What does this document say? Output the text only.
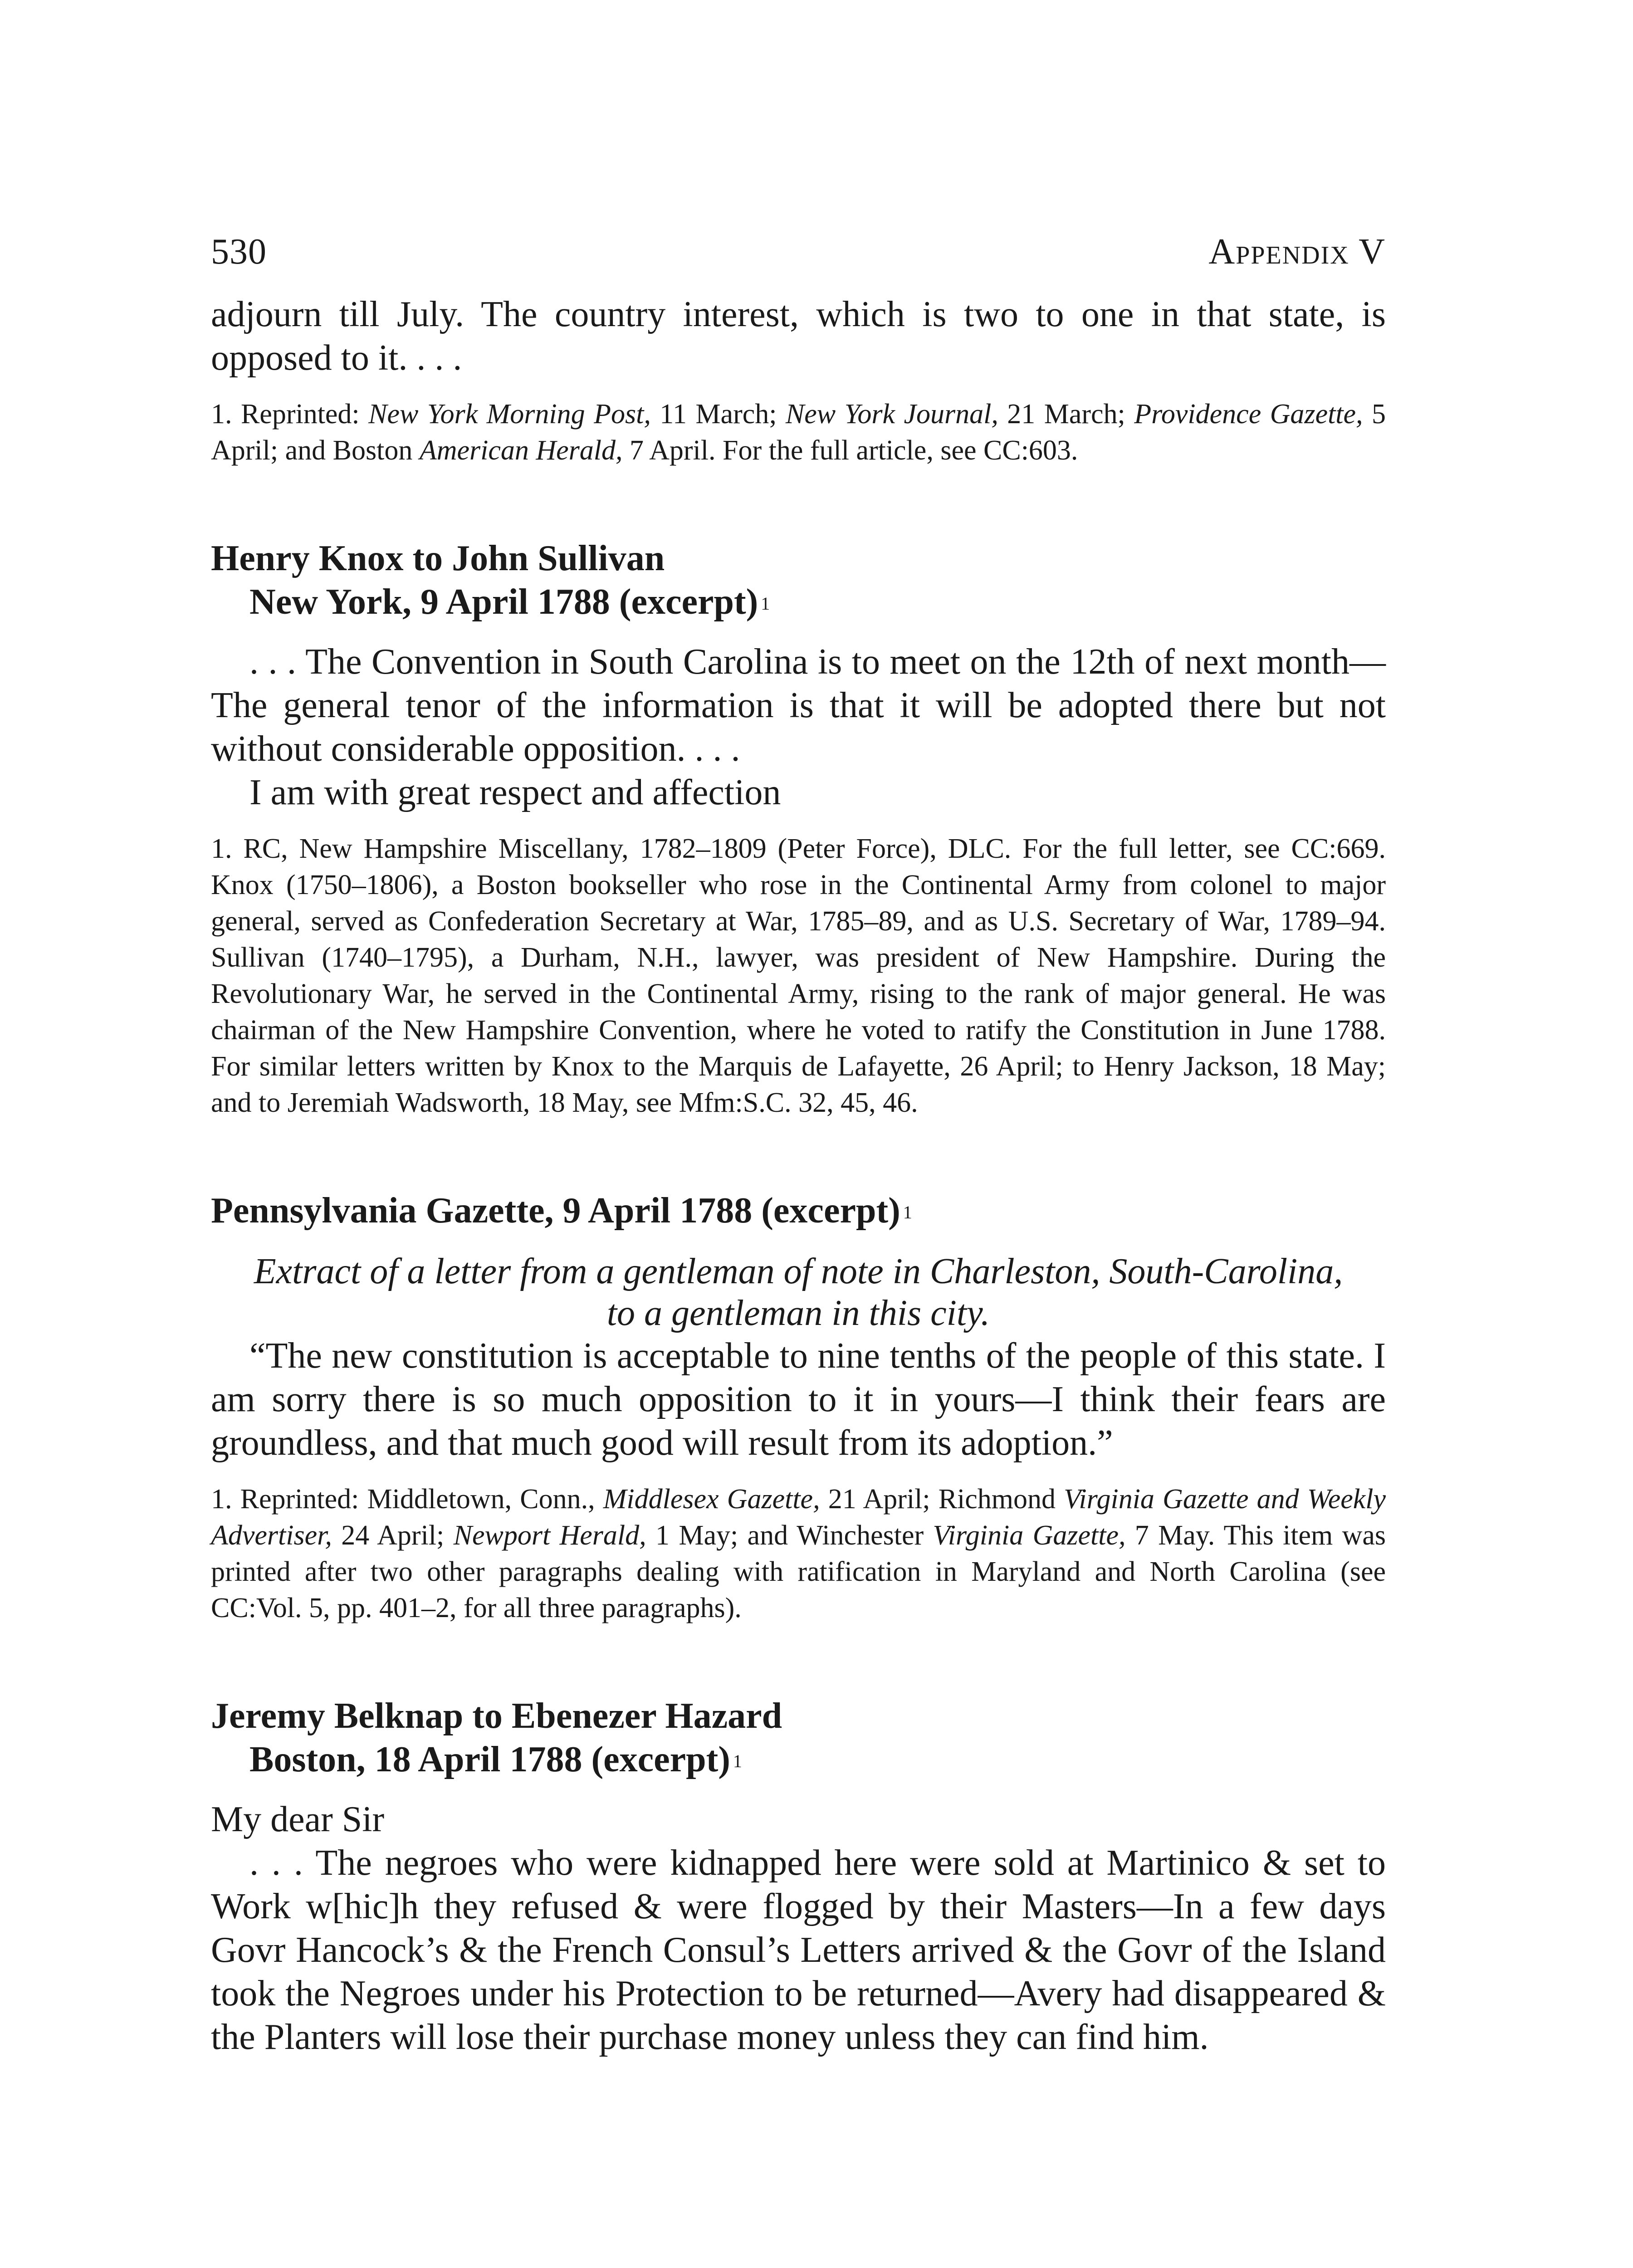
530	Appendix V

adjourn till July. The country interest, which is two to one in that state, is opposed to it. . . .

1. Reprinted: New York Morning Post, 11 March; New York Journal, 21 March; Providence Gazette, 5 April; and Boston American Herald, 7 April. For the full article, see CC:603.

Henry Knox to John Sullivan
New York, 9 April 1788 (excerpt) $^1$

. . . The Convention in South Carolina is to meet on the 12th of next month—The general tenor of the information is that it will be adopted there but not without considerable opposition. . . .

I am with great respect and affection

1. RC, New Hampshire Miscellany, 1782–1809 (Peter Force), DLC. For the full letter, see CC:669. Knox (1750–1806), a Boston bookseller who rose in the Continental Army from colonel to major general, served as Confederation Secretary at War, 1785–89, and as U.S. Secretary of War, 1789–94. Sullivan (1740–1795), a Durham, N.H., lawyer, was president of New Hampshire. During the Revolutionary War, he served in the Continental Army, rising to the rank of major general. He was chairman of the New Hampshire Convention, where he voted to ratify the Constitution in June 1788. For similar letters written by Knox to the Marquis de Lafayette, 26 April; to Henry Jackson, 18 May; and to Jeremiah Wadsworth, 18 May, see Mfm:S.C. 32, 45, 46.

Pennsylvania Gazette, 9 April 1788 (excerpt) $^1$

Extract of a letter from a gentleman of note in Charleston, South-Carolina,
to a gentleman in this city.

“The new constitution is acceptable to nine tenths of the people of this state. I am sorry there is so much opposition to it in yours—I think their fears are groundless, and that much good will result from its adoption.”

1. Reprinted: Middletown, Conn., Middlesex Gazette, 21 April; Richmond Virginia Gazette and Weekly Advertiser, 24 April; Newport Herald, 1 May; and Winchester Virginia Gazette, 7 May. This item was printed after two other paragraphs dealing with ratification in Maryland and North Carolina (see CC:Vol. 5, pp. 401–2, for all three paragraphs).

Jeremy Belknap to Ebenezer Hazard
Boston, 18 April 1788 (excerpt) $^1$

My dear Sir

. . . The negroes who were kidnapped here were sold at Martinico & set to Work w[hic]h they refused & were flogged by their Masters—In a few days Govr Hancock’s & the French Consul’s Letters arrived & the Govr of the Island took the Negroes under his Protection to be returned—Avery had disappeared & the Planters will lose their purchase money unless they can find him.
